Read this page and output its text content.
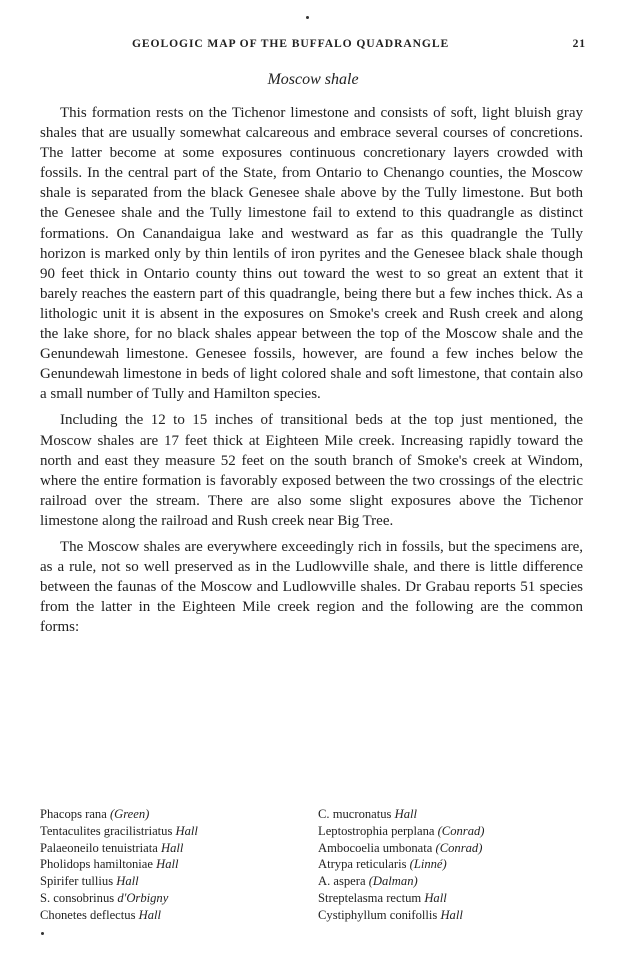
GEOLOGIC MAP OF THE BUFFALO QUADRANGLE	21
Moscow shale

This formation rests on the Tichenor limestone and consists of soft, light bluish gray shales that are usually somewhat calcareous and embrace several courses of concretions. The latter become at some exposures continuous concretionary layers crowded with fossils. In the central part of the State, from Ontario to Chenango counties, the Moscow shale is separated from the black Genesee shale above by the Tully limestone. But both the Genesee shale and the Tully limestone fail to extend to this quadrangle as distinct formations. On Canandaigua lake and westward as far as this quadrangle the Tully horizon is marked only by thin lentils of iron pyrites and the Genesee black shale though 90 feet thick in Ontario county thins out toward the west to so great an extent that it barely reaches the eastern part of this quadrangle, being there but a few inches thick. As a lithologic unit it is absent in the exposures on Smoke's creek and Rush creek and along the lake shore, for no black shales appear between the top of the Moscow shale and the Genundewah limestone. Genesee fossils, however, are found a few inches below the Genundewah limestone in beds of light colored shale and soft limestone, that contain also a small number of Tully and Hamilton species.

Including the 12 to 15 inches of transitional beds at the top just mentioned, the Moscow shales are 17 feet thick at Eighteen Mile creek. Increasing rapidly toward the north and east they measure 52 feet on the south branch of Smoke's creek at Windom, where the entire formation is favorably exposed between the two crossings of the electric railroad over the stream. There are also some slight exposures above the Tichenor limestone along the railroad and Rush creek near Big Tree.

The Moscow shales are everywhere exceedingly rich in fossils, but the specimens are, as a rule, not so well preserved as in the Ludlowville shale, and there is little difference between the faunas of the Moscow and Ludlowville shales. Dr Grabau reports 51 species from the latter in the Eighteen Mile creek region and the following are the common forms:

Phacops rana (Green)
Tentaculites gracilistriatus Hall
Palaeoneilo tenuistriata Hall
Pholidops hamiltoniae Hall
Spirifer tullius Hall
S. consobrinus d'Orbigny
Chonetes deflectus Hall
C. mucronatus Hall
Leptostrophia perplana (Conrad)
Ambocoelia umbonata (Conrad)
Atrypa reticularis (Linné)
A. aspera (Dalman)
Streptelasma rectum Hall
Cystiphyllum conifollis Hall
